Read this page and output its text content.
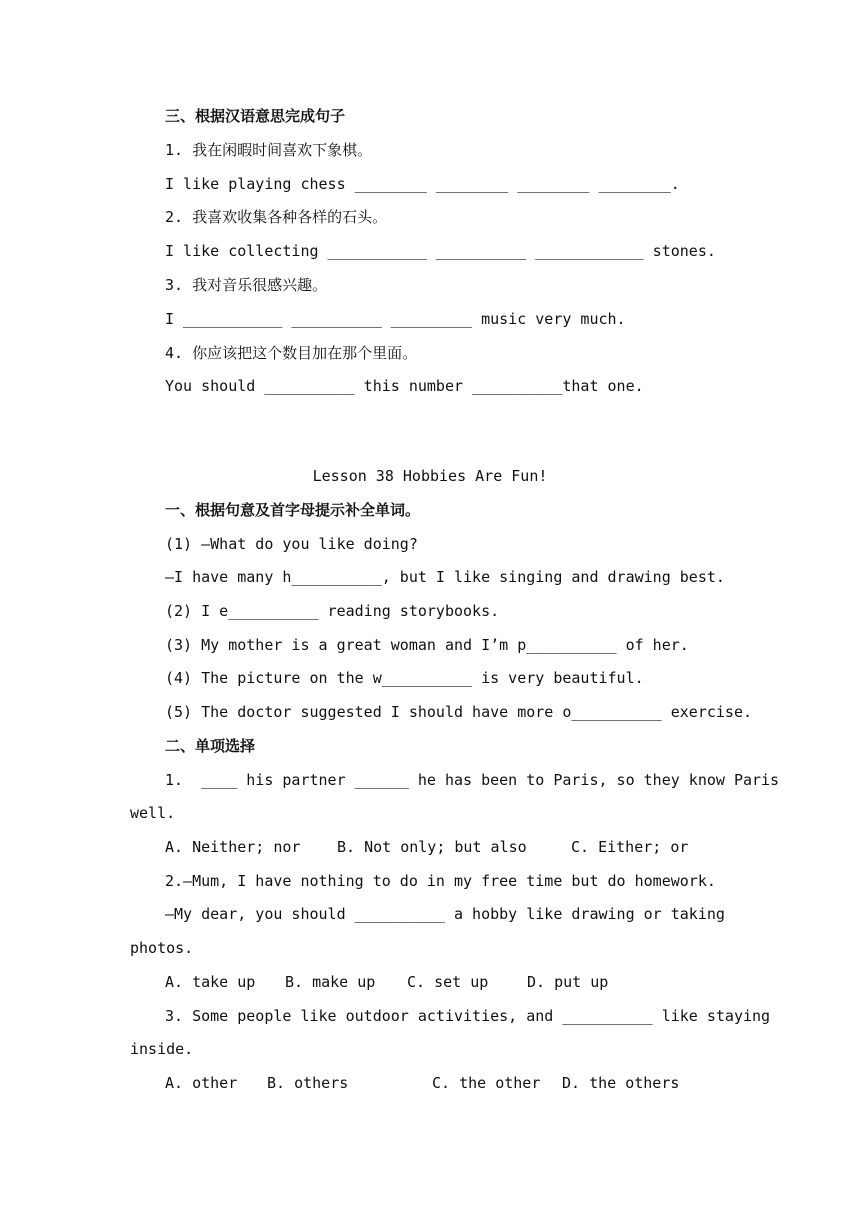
三、根据汉语意思完成句子
1. 我在闲暇时间喜欢下象棋。
I like playing chess ________ ________ ________ ________.
2. 我喜欢收集各种各样的石头。
I like collecting ___________ __________ ____________ stones.
3. 我对音乐很感兴趣。
I ___________ __________ _________ music very much.
4. 你应该把这个数目加在那个里面。
You should __________ this number __________that one.
Lesson 38 Hobbies Are Fun!
一、根据句意及首字母提示补全单词。
(1) —What do you like doing?
—I have many h__________, but I like singing and drawing best.
(2) I e__________ reading storybooks.
(3) My mother is a great woman and I’m p__________ of her.
(4) The picture on the w__________ is very beautiful.
(5) The doctor suggested I should have more o__________ exercise.
二、单项选择
1.  ____ his partner ______ he has been to Paris, so they know Paris
well.

A. Neither; nor

B. Not only; but also

	C. Either; or

2.—Mum, I have nothing to do in my free time but do homework.
—My dear, you should __________ a hobby like drawing or taking
photos.

A. take up

B. make up

C. set up

	D. put up

3. Some people like outdoor activities, and __________ like staying
inside.

A. other

B. others

	C. the other

D. the others
